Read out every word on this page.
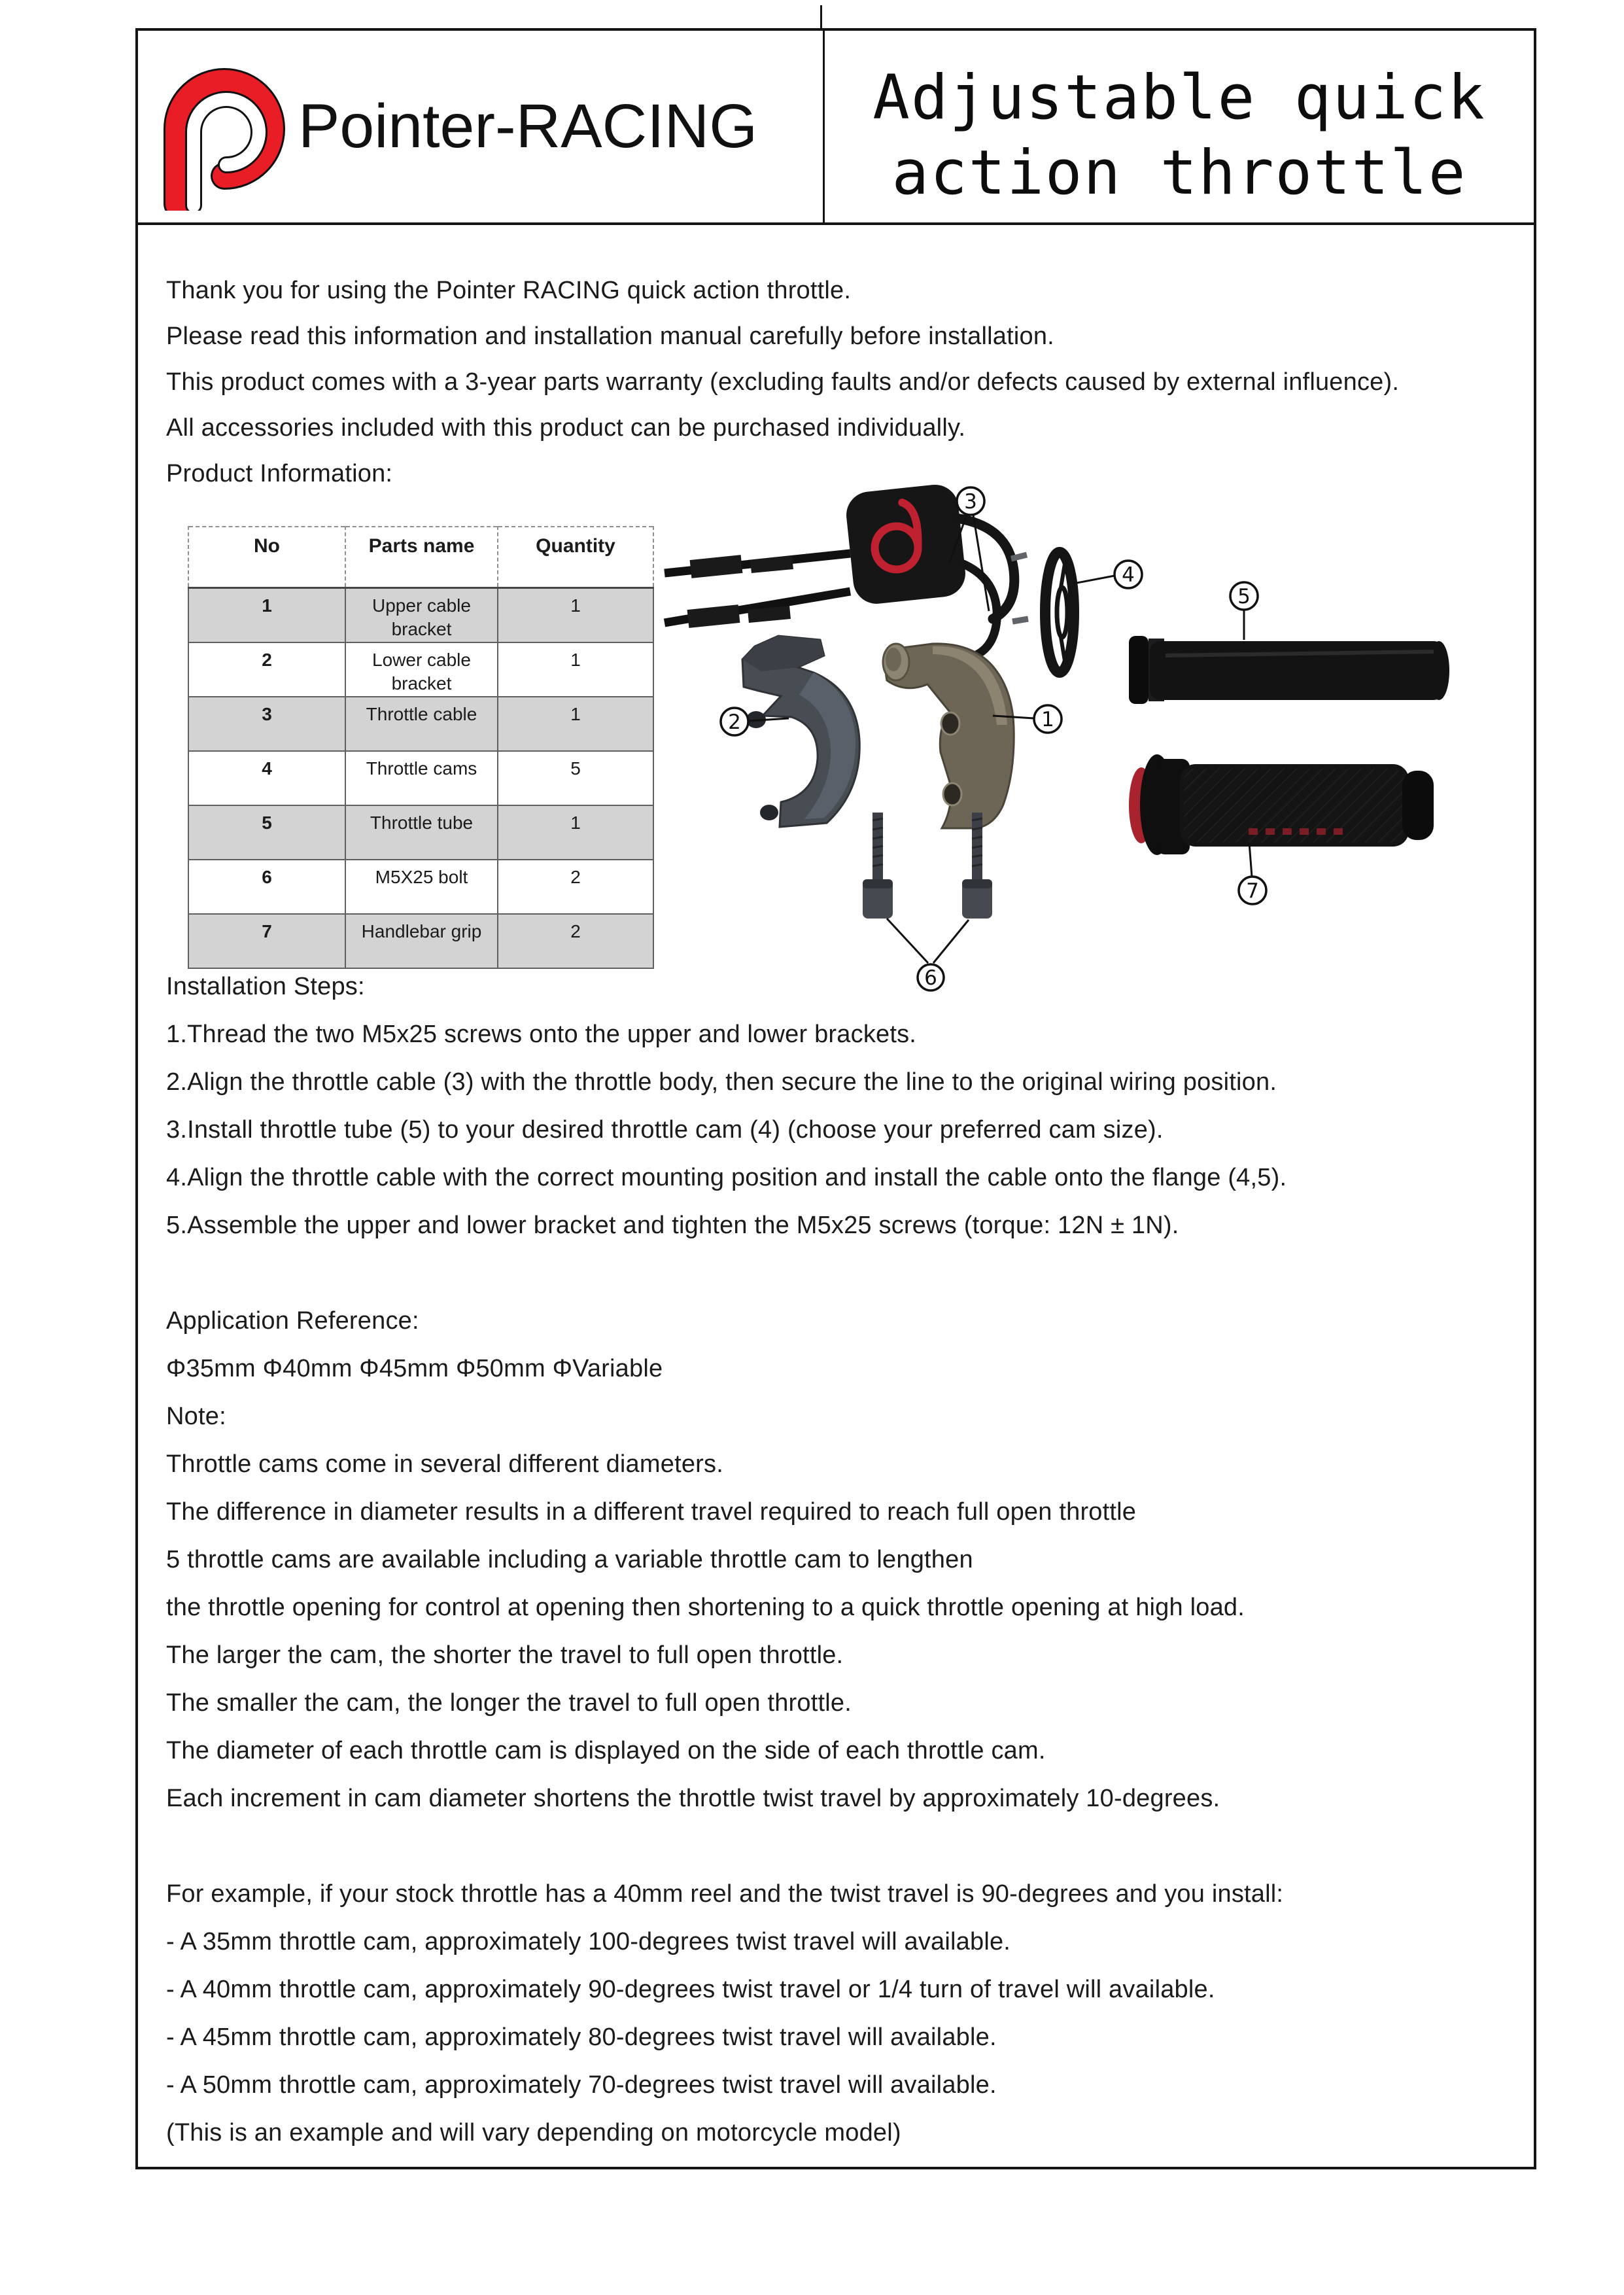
Pointer-RACING	Adjustable quick
action throttle
Thank you for using the Pointer RACING quick action throttle.
Please read this information and installation manual carefully before installation.
This product comes with a 3-year parts warranty (excluding faults and/or defects caused by external influence).
All accessories included with this product can be purchased individually.
Product Information:
No	Parts name	Quantity
1	Upper cable bracket	1
2	Lower cable bracket	1
3	Throttle cable	1
4	Throttle cams	5
5	Throttle tube	1
6	M5X25 bolt	2
7	Handlebar grip	2
3
4
5
2	1
7
6
Installation Steps:
1.Thread the two M5x25 screws onto the upper and lower brackets.
2.Align the throttle cable (3) with the throttle body, then secure the line to the original wiring position.
3.Install throttle tube (5) to your desired throttle cam (4) (choose your preferred cam size).
4.Align the throttle cable with the correct mounting position and install the cable onto the flange (4,5).
5.Assemble the upper and lower bracket and tighten the M5x25 screws (torque: 12N ± 1N).
Application Reference:
Φ35mm Φ40mm Φ45mm Φ50mm ΦVariable
Note:
Throttle cams come in several different diameters.
The difference in diameter results in a different travel required to reach full open throttle
5 throttle cams are available including a variable throttle cam to lengthen
the throttle opening for control at opening then shortening to a quick throttle opening at high load.
The larger the cam, the shorter the travel to full open throttle.
The smaller the cam, the longer the travel to full open throttle.
The diameter of each throttle cam is displayed on the side of each throttle cam.
Each increment in cam diameter shortens the throttle twist travel by approximately 10-degrees.
For example, if your stock throttle has a 40mm reel and the twist travel is 90-degrees and you install:
- A 35mm throttle cam, approximately 100-degrees twist travel will available.
- A 40mm throttle cam, approximately 90-degrees twist travel or 1/4 turn of travel will available.
- A 45mm throttle cam, approximately 80-degrees twist travel will available.
- A 50mm throttle cam, approximately 70-degrees twist travel will available.
(This is an example and will vary depending on motorcycle model)
